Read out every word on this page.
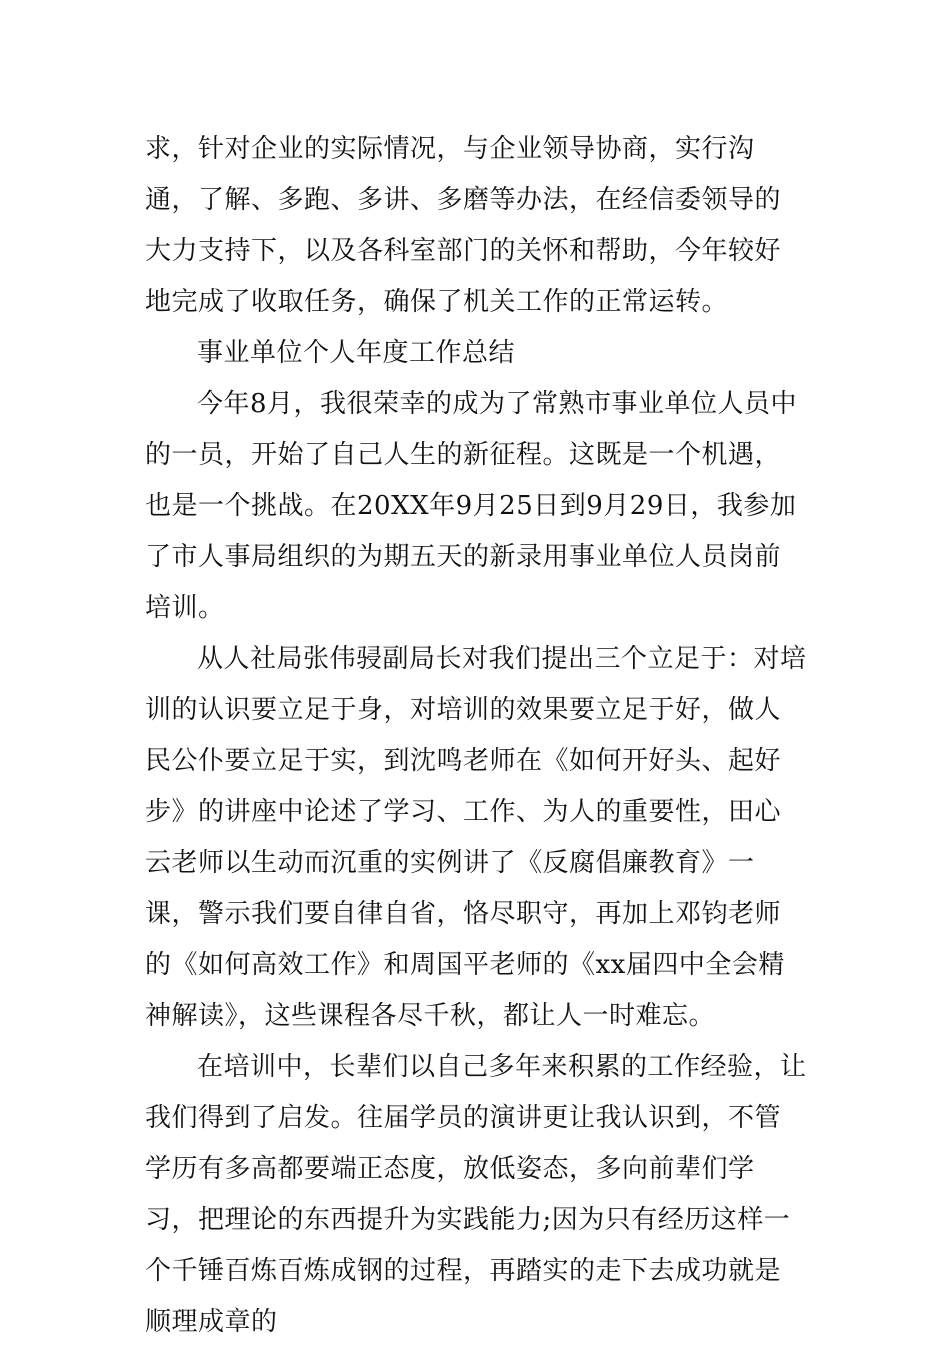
求，针对企业的实际情况，与企业领导协商，实行沟通，了解、多跑、多讲、多磨等办法，在经信委领导的大力支持下，以及各科室部门的关怀和帮助，今年较好地完成了收取任务，确保了机关工作的正常运转。

事业单位个人年度工作总结

今年8月，我很荣幸的成为了常熟市事业单位人员中的一员，开始了自己人生的新征程。这既是一个机遇，也是一个挑战。在20XX年9月25日到9月29日，我参加了市人事局组织的为期五天的新录用事业单位人员岗前培训。

从人社局张伟骎副局长对我们提出三个立足于：对培训的认识要立足于身，对培训的效果要立足于好，做人民公仆要立足于实，到沈鸣老师在《如何开好头、起好步》的讲座中论述了学习、工作、为人的重要性，田心云老师以生动而沉重的实例讲了《反腐倡廉教育》一课，警示我们要自律自省，恪尽职守，再加上邓钧老师的《如何高效工作》和周国平老师的《xx届四中全会精神解读》，这些课程各尽千秋，都让人一时难忘。

在培训中，长辈们以自己多年来积累的工作经验，让我们得到了启发。往届学员的演讲更让我认识到，不管学历有多高都要端正态度，放低姿态，多向前辈们学习，把理论的东西提升为实践能力;因为只有经历这样一个千锤百炼百炼成钢的过程，再踏实的走下去成功就是顺理成章的
